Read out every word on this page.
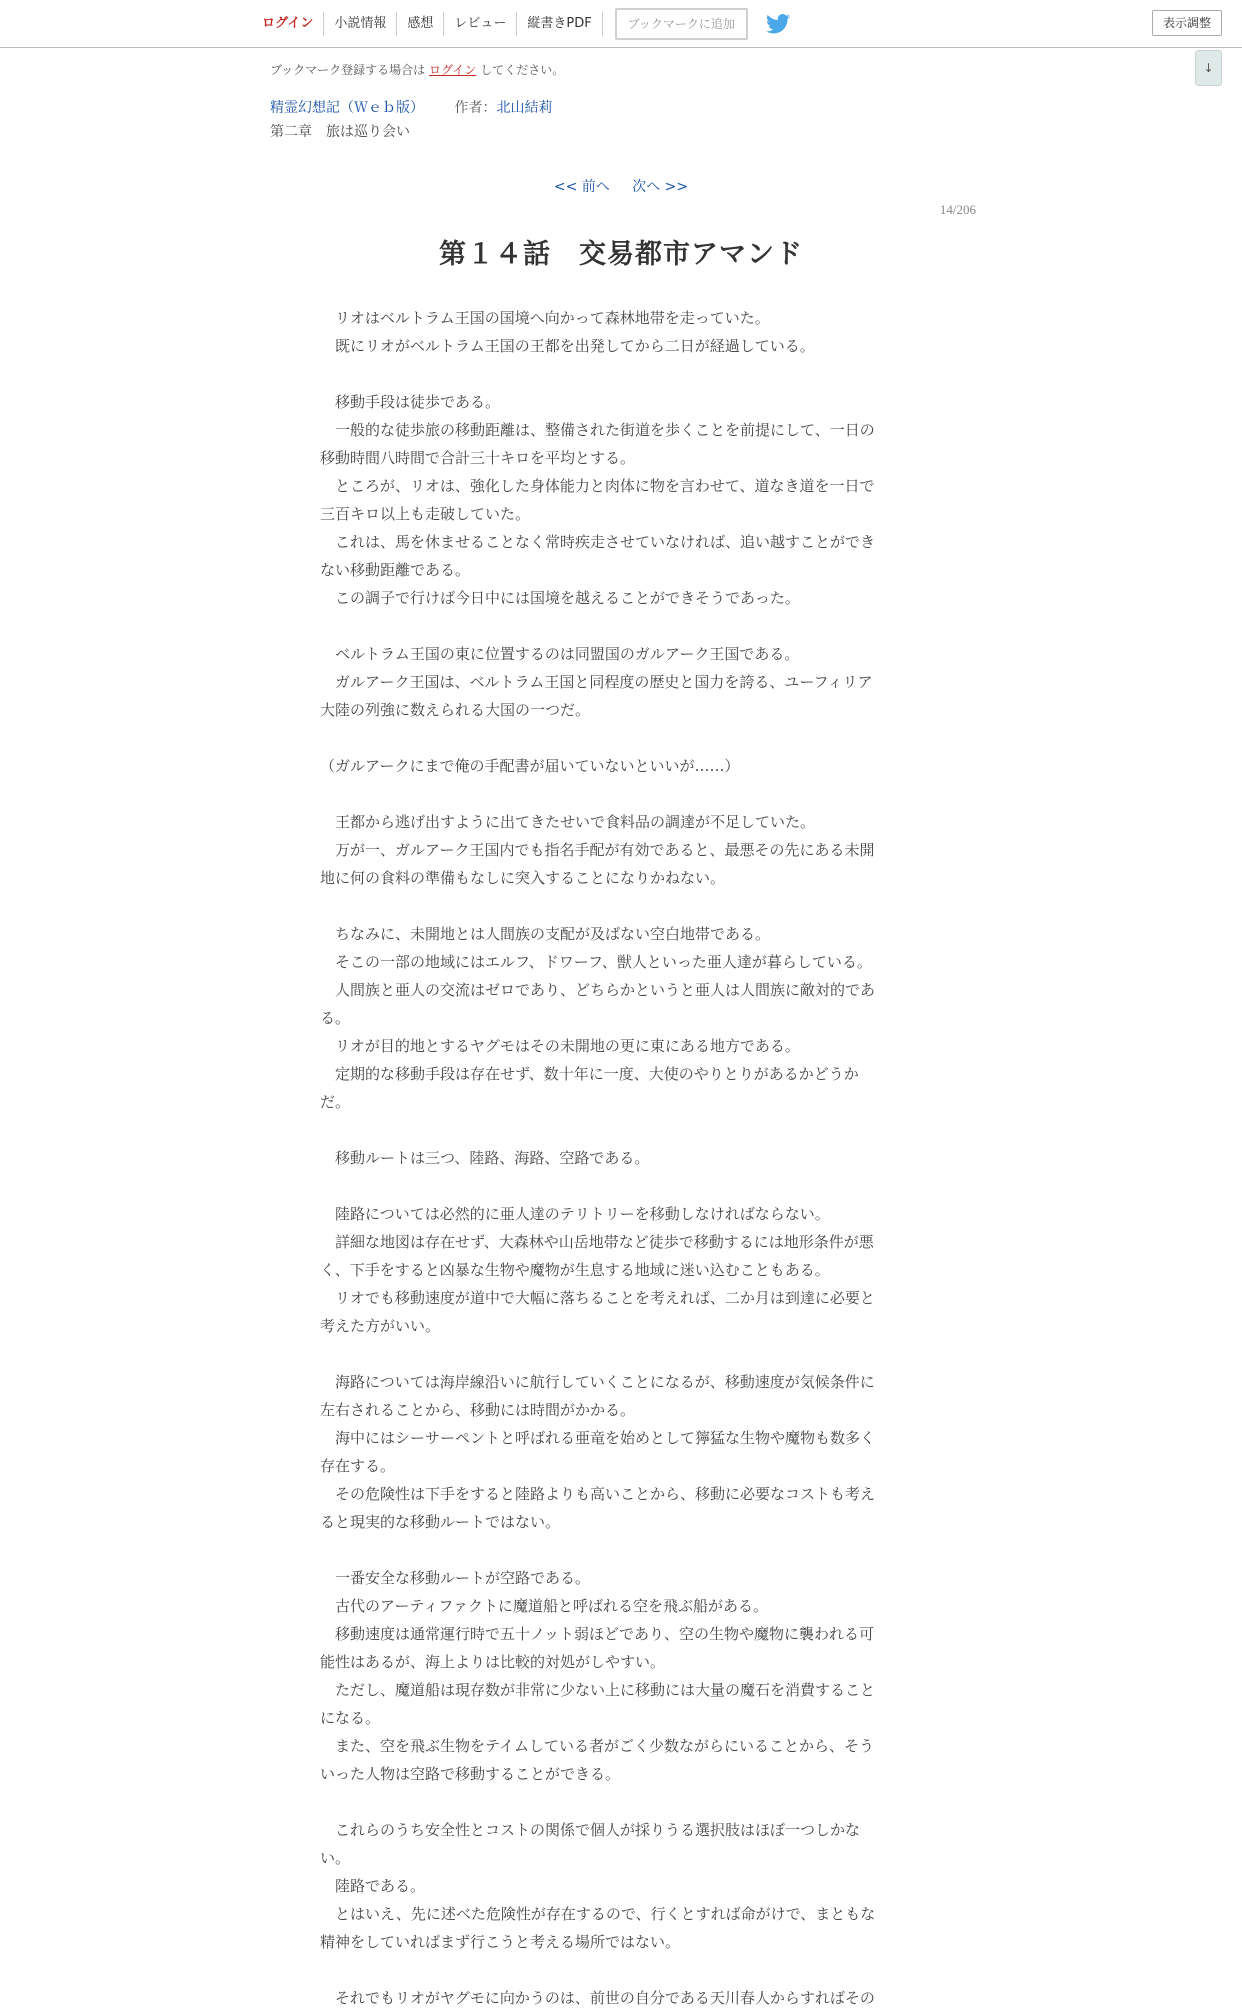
ログイン	小説情報	感想	レビュー	縦書きPDF	ブックマークに追加	表示調整
↓
ブックマーク登録する場合は ログイン してください。
精霊幻想記（Ｗｅｂ版） 作者：北山結莉
第二章　旅は巡り会い
<< 前へ 次へ >>
14/206
第１４話　交易都市アマンド

　リオはベルトラム王国の国境へ向かって森林地帯を走っていた。

　既にリオがベルトラム王国の王都を出発してから二日が経過している。

　移動手段は徒歩である。

　一般的な徒歩旅の移動距離は、整備された街道を歩くことを前提にして、一日の

移動時間八時間で合計三十キロを平均とする。

　ところが、リオは、強化した身体能力と肉体に物を言わせて、道なき道を一日で

三百キロ以上も走破していた。

　これは、馬を休ませることなく常時疾走させていなければ、追い越すことができ

ない移動距離である。

　この調子で行けば今日中には国境を越えることができそうであった。

　ベルトラム王国の東に位置するのは同盟国のガルアーク王国である。

　ガルアーク王国は、ベルトラム王国と同程度の歴史と国力を誇る、ユーフィリア

大陸の列強に数えられる大国の一つだ。

（ガルアークにまで俺の手配書が届いていないといいが……）

　王都から逃げ出すように出てきたせいで食料品の調達が不足していた。

　万が一、ガルアーク王国内でも指名手配が有効であると、最悪その先にある未開

地に何の食料の準備もなしに突入することになりかねない。

　ちなみに、未開地とは人間族の支配が及ばない空白地帯である。

　そこの一部の地域にはエルフ、ドワーフ、獣人といった亜人達が暮らしている。

　人間族と亜人の交流はゼロであり、どちらかというと亜人は人間族に敵対的であ

る。

　リオが目的地とするヤグモはその未開地の更に東にある地方である。

　定期的な移動手段は存在せず、数十年に一度、大使のやりとりがあるかどうか

だ。

　移動ルートは三つ、陸路、海路、空路である。

　陸路については必然的に亜人達のテリトリーを移動しなければならない。

　詳細な地図は存在せず、大森林や山岳地帯など徒歩で移動するには地形条件が悪

く、下手をすると凶暴な生物や魔物が生息する地域に迷い込むこともある。

　リオでも移動速度が道中で大幅に落ちることを考えれば、二か月は到達に必要と

考えた方がいい。

　海路については海岸線沿いに航行していくことになるが、移動速度が気候条件に

左右されることから、移動には時間がかかる。

　海中にはシーサーペントと呼ばれる亜竜を始めとして獰猛な生物や魔物も数多く

存在する。

　その危険性は下手をすると陸路よりも高いことから、移動に必要なコストも考え

ると現実的な移動ルートではない。

　一番安全な移動ルートが空路である。

　古代のアーティファクトに魔道船と呼ばれる空を飛ぶ船がある。

　移動速度は通常運行時で五十ノット弱ほどであり、空の生物や魔物に襲われる可

能性はあるが、海上よりは比較的対処がしやすい。

　ただし、魔道船は現存数が非常に少ない上に移動には大量の魔石を消費すること

になる。

　また、空を飛ぶ生物をテイムしている者がごく少数ながらにいることから、そう

いった人物は空路で移動することができる。

　これらのうち安全性とコストの関係で個人が採りうる選択肢はほぼ一つしかな

い。

　陸路である。

　とはいえ、先に述べた危険性が存在するので、行くとすれば命がけで、まともな

精神をしていればまず行こうと考える場所ではない。

　それでもリオがヤグモに向かうのは、前世の自分である天川春人からすればその
